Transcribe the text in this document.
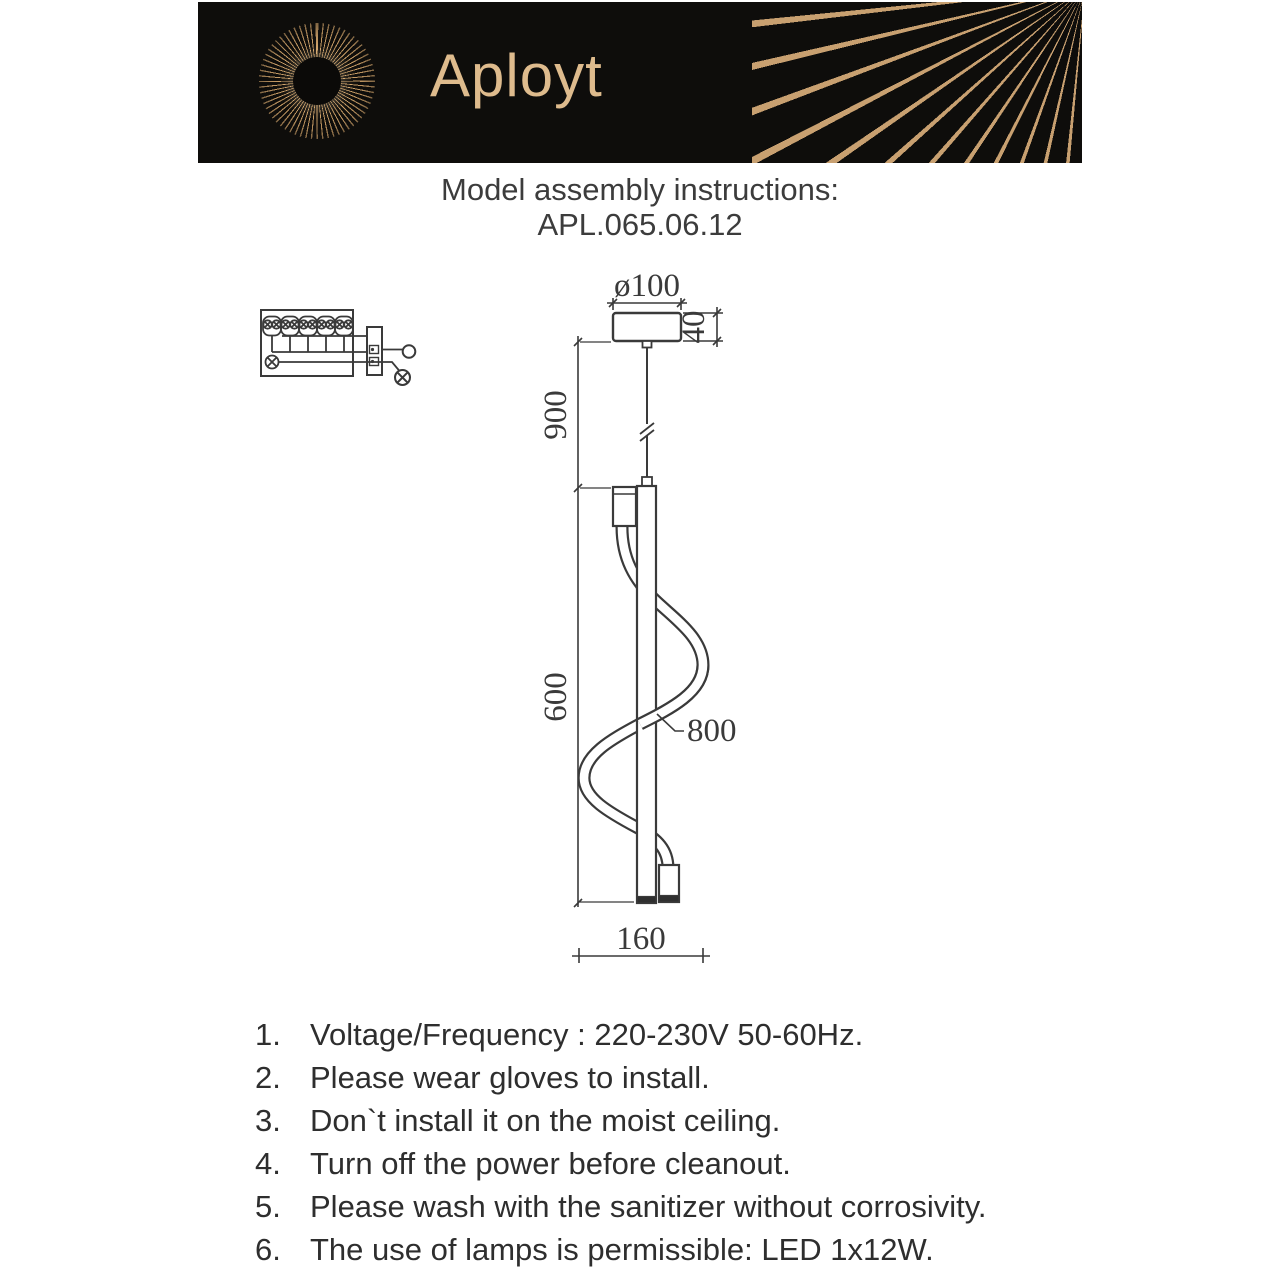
Aployt
Model assembly instructions:
APL.065.06.12
ø100
40
900
600
800
160
1. Voltage/Frequency : 220-230V 50-60Hz.
2. Please wear gloves to install.
3. Don`t install it on the moist ceiling.
4. Turn off the power before cleanout.
5. Please wash with the sanitizer without corrosivity.
6. The use of lamps is permissible: LED 1x12W.
